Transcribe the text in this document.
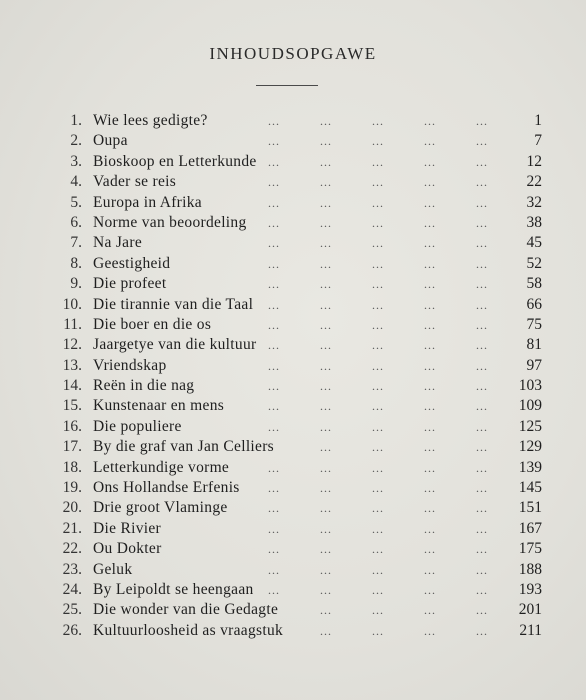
INHOUDSOPGAWE
...	...	...	...	...
1. Wie lees gedigte?	1
...	...	...	...	...
2. Oupa	7
...	...	...	...	...
3. Bioskoop en Letterkunde	12
...	...	...	...	...
4. Vader se reis	22
...	...	...	...	...
5. Europa in Afrika	32
...	...	...	...	...
6. Norme van beoordeling	38
...	...	...	...	...
7. Na Jare	45
...	...	...	...	...
8. Geestigheid	52
...	...	...	...	...
9. Die profeet	58
...	...	...	...	...
10. Die tirannie van die Taal	66
...	...	...	...	...
11. Die boer en die os	75
...	...	...	...	...
12. Jaargetye van die kultuur	81
...	...	...	...	...
13. Vriendskap	97
...	...	...	...	...
14. Reën in die nag	103
...	...	...	...	...
15. Kunstenaar en mens	109
...	...	...	...	...
16. Die populiere	125
...	...	...	...
17. By die graf van Jan Celliers	129
...	...	...	...	...
18. Letterkundige vorme	139
...	...	...	...	...
19. Ons Hollandse Erfenis	145
...	...	...	...	...
20. Drie groot Vlaminge	151
...	...	...	...	...
21. Die Rivier	167
...	...	...	...	...
22. Ou Dokter	175
...	...	...	...	...
23. Geluk	188
...	...	...	...	...
24. By Leipoldt se heengaan	193
...	...	...	...
25. Die wonder van die Gedagte	201
...	...	...	...
26. Kultuurloosheid as vraagstuk	211
